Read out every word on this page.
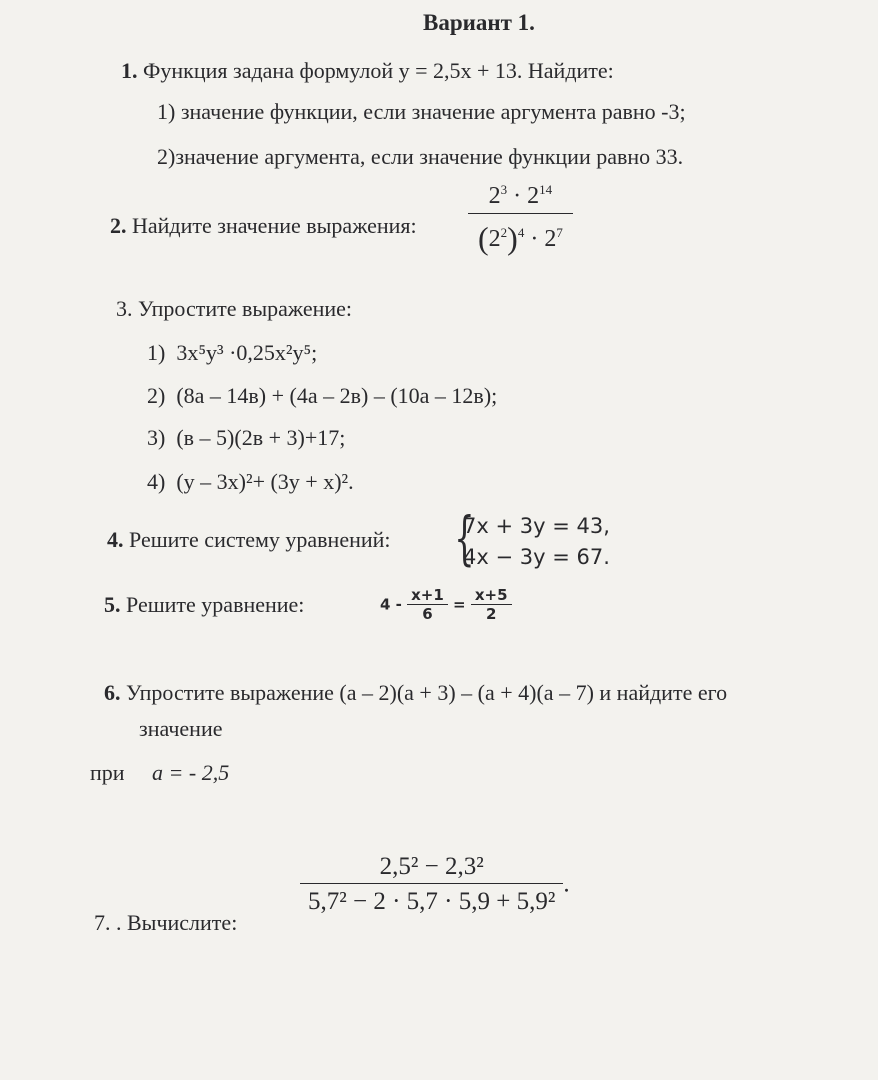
Вариант 1.
1. Функция задана формулой y = 2,5x + 13. Найдите:
1) значение функции, если значение аргумента равно -3;
2)значение аргумента, если значение функции равно 33.
2. Найдите значение выражения: $\frac{2^3 \cdot 2^{14}}{(2^2)^4 \cdot 2^7}$
3. Упростите выражение:
1) 3x⁵y³ ·0,25x²y⁵;
2) (8a – 14в) + (4a – 2в) – (10a – 12в);
3) (в – 5)(2в + 3)+17;
4) (y – 3x)²+ (3y + x)².
4. Решите систему уравнений: {
7x + 3y = 43,
4x − 3y = 67.
5. Решите уравнение:	$4 - \frac{x+1}{6} = \frac{x+5}{2}$
6. Упростите выражение (a – 2)(a + 3) – (a + 4)(a – 7) и найдите его
значение
при a = - 2,5
7. . Вычислите:
$\frac{\text{2,5² − 2,3²}}{\text{5,7² − 2 · 5,7 · 5,9 + 5,9²}}$ .
